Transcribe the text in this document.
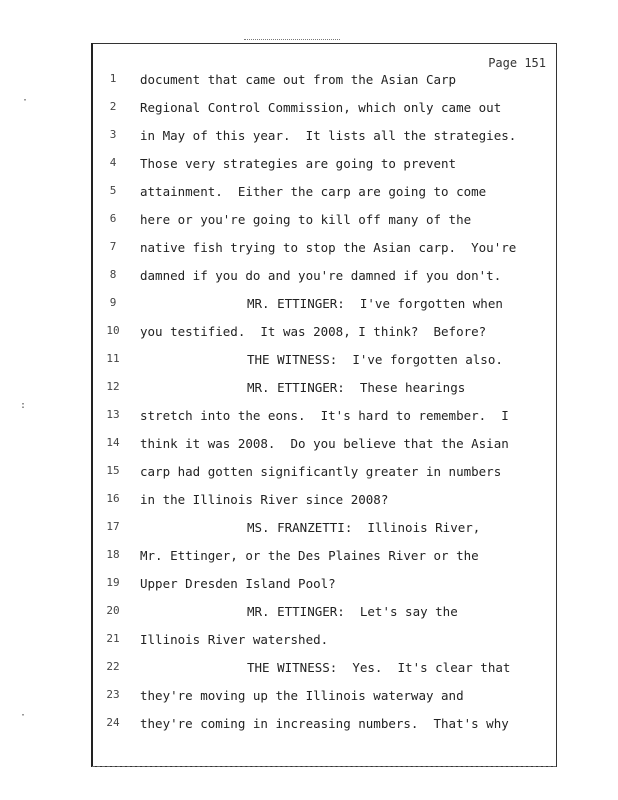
Page 151
1	document that came out from the Asian Carp
2	Regional Control Commission, which only came out
3	in May of this year.  It lists all the strategies.
4	Those very strategies are going to prevent
5	attainment.  Either the carp are going to come
6	here or you're going to kill off many of the
7	native fish trying to stop the Asian carp.  You're
8	damned if you do and you're damned if you don't.
9	MR. ETTINGER:  I've forgotten when
10	you testified.  It was 2008, I think?  Before?
11	THE WITNESS:  I've forgotten also.
12	MR. ETTINGER:  These hearings
13	stretch into the eons.  It's hard to remember.  I
14	think it was 2008.  Do you believe that the Asian
15	carp had gotten significantly greater in numbers
16	in the Illinois River since 2008?
17	MS. FRANZETTI:  Illinois River,
18	Mr. Ettinger, or the Des Plaines River or the
19	Upper Dresden Island Pool?
20	MR. ETTINGER:  Let's say the
21	Illinois River watershed.
22	THE WITNESS:  Yes.  It's clear that
23	they're moving up the Illinois waterway and
24	they're coming in increasing numbers.  That's why
·
:
·
